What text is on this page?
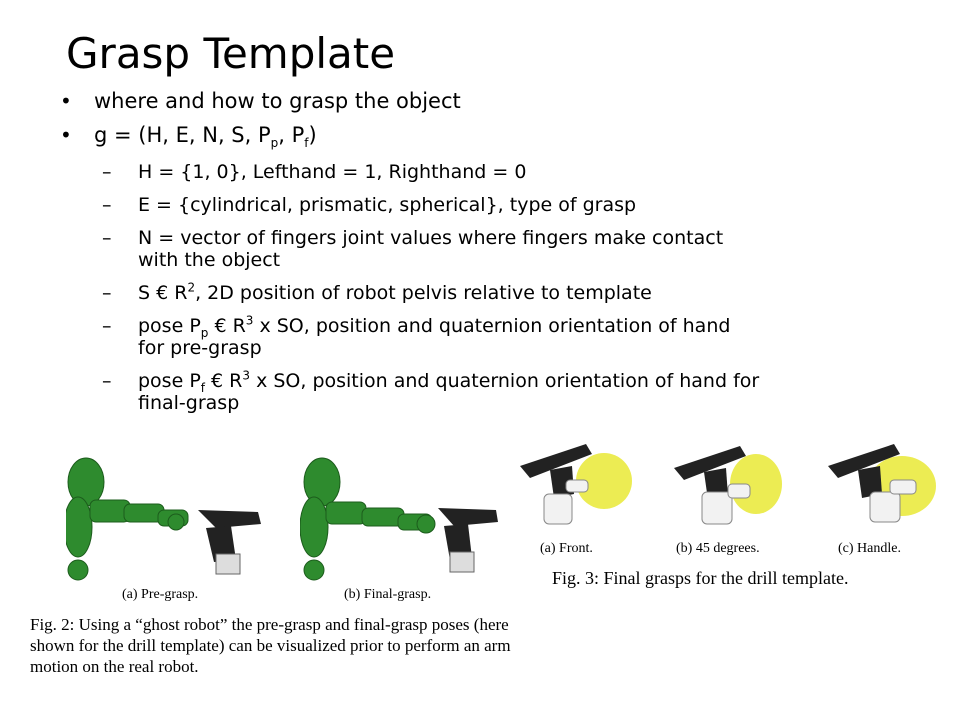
Grasp Template
• where and how to grasp the object
• g = (H, E, N, S, $P_p$, $P_f$)
– H = {1, 0}, Lefthand = 1, Righthand = 0
– E = {cylindrical, prismatic, spherical}, type of grasp
– N = vector of fingers joint values where fingers make contact with the object
– S € $R^2$, 2D position of robot pelvis relative to template
– pose $P_p$ € $R^3$ x SO, position and quaternion orientation of hand for pre-grasp
– pose $P_f$ € $R^3$ x SO, position and quaternion orientation of hand for final-grasp
(a) Pre-grasp.	(b) Final-grasp.
Fig. 2: Using a “ghost robot” the pre-grasp and final-grasp poses (here shown for the drill template) can be visualized prior to perform an arm motion on the real robot.
(a) Front.	(b) 45 degrees.	(c) Handle.
Fig. 3: Final grasps for the drill template.
